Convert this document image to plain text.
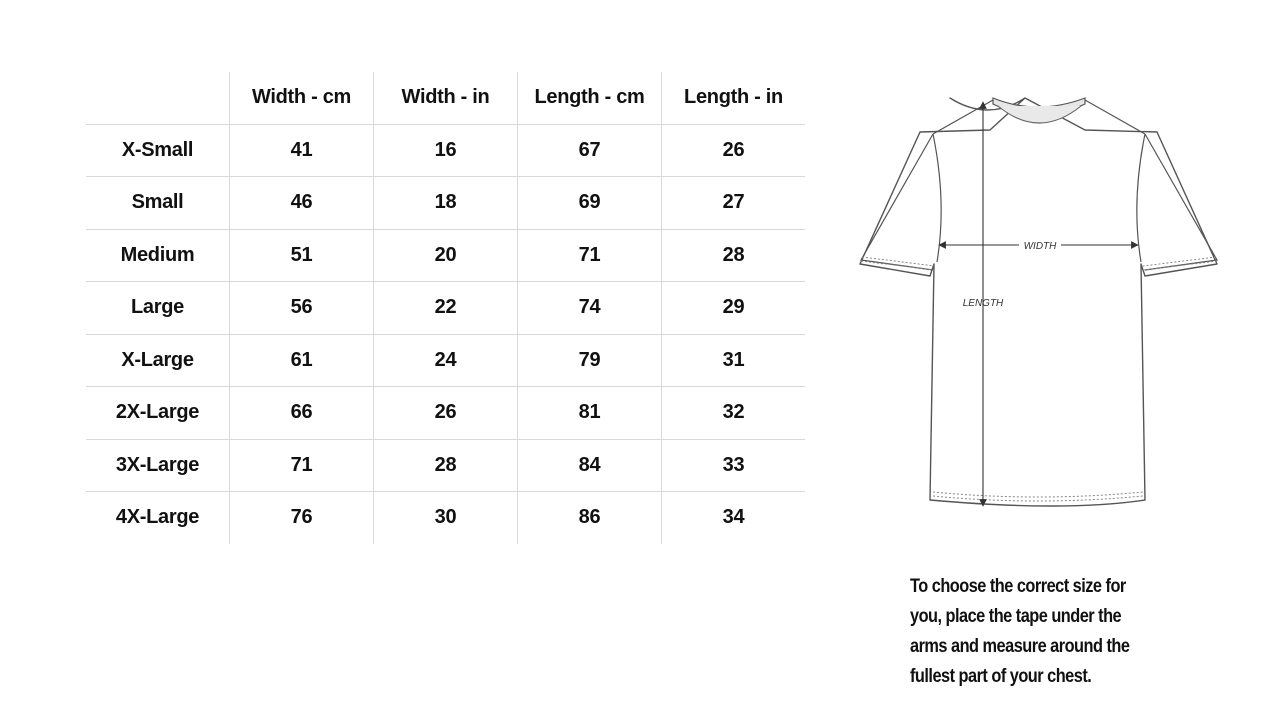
	Width - cm	Width - in	Length - cm	Length - in
X-Small	41	16	67	26
Small	46	18	69	27
Medium	51	20	71	28
Large	56	22	74	29
X-Large	61	24	79	31
2X-Large	66	26	81	32
3X-Large	71	28	84	33
4X-Large	76	30	86	34
WIDTH
LENGTH

To choose the correct size for you, place the tape under the arms and measure around the fullest part of your chest.
